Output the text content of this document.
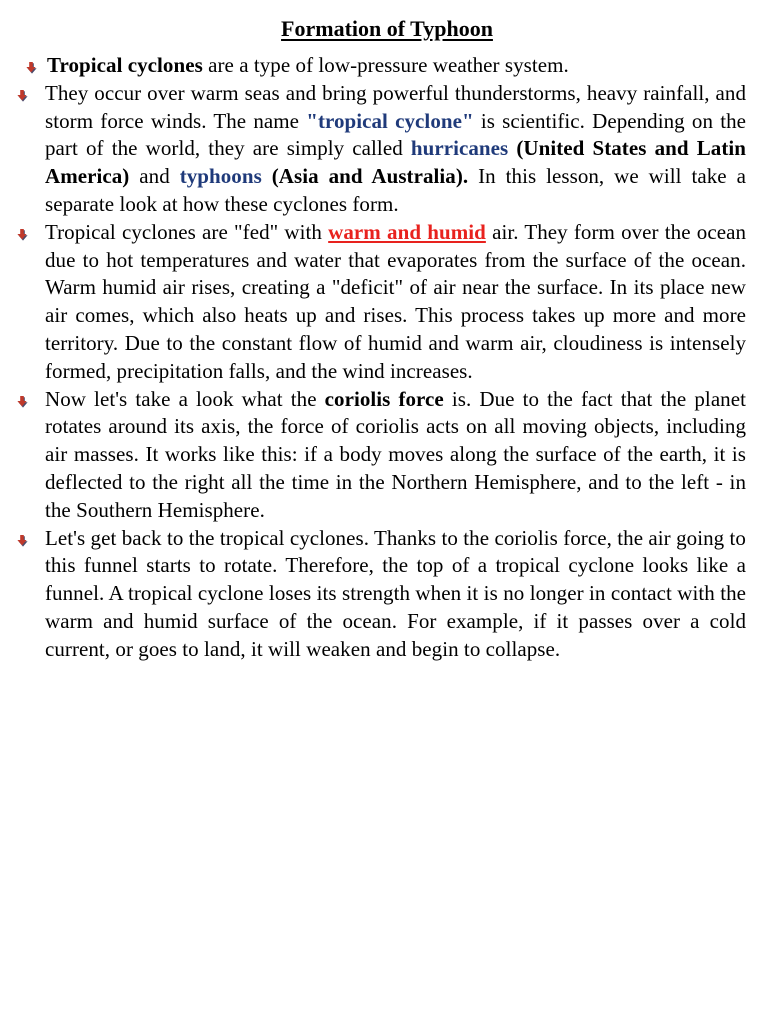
Formation of Typhoon

Tropical cyclones are a type of low-pressure weather system.

They occur over warm seas and bring powerful thunderstorms, heavy rainfall, and storm force winds. The name "tropical cyclone" is scientific. Depending on the part of the world, they are simply called hurricanes (United States and Latin America) and typhoons (Asia and Australia). In this lesson, we will take a separate look at how these cyclones form.

Tropical cyclones are "fed" with warm and humid air. They form over the ocean due to hot temperatures and water that evaporates from the surface of the ocean. Warm humid air rises, creating a "deficit" of air near the surface. In its place new air comes, which also heats up and rises. This process takes up more and more territory. Due to the constant flow of humid and warm air, cloudiness is intensely formed, precipitation falls, and the wind increases.

Now let's take a look what the coriolis force is. Due to the fact that the planet rotates around its axis, the force of coriolis acts on all moving objects, including air masses. It works like this: if a body moves along the surface of the earth, it is deflected to the right all the time in the Northern Hemisphere, and to the left - in the Southern Hemisphere.

Let's get back to the tropical cyclones. Thanks to the coriolis force, the air going to this funnel starts to rotate. Therefore, the top of a tropical cyclone looks like a funnel. A tropical cyclone loses its strength when it is no longer in contact with the warm and humid surface of the ocean. For example, if it passes over a cold current, or goes to land, it will weaken and begin to collapse.
